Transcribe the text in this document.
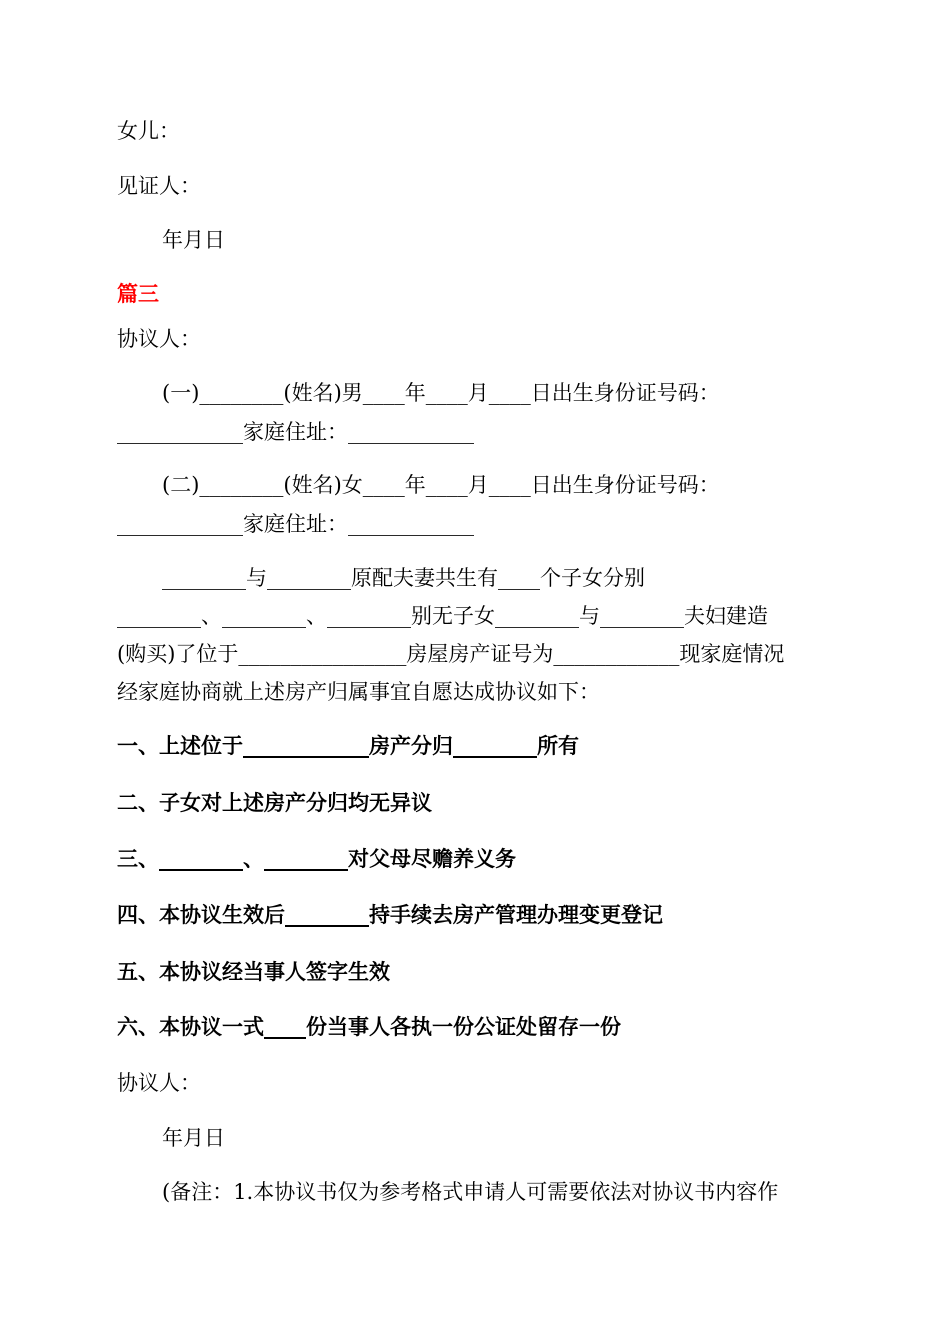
女儿：
见证人：
年月日
篇三
协议人：
(一)________(姓名)男____年____月____日出生身份证号码：
____________家庭住址：____________
(二)________(姓名)女____年____月____日出生身份证号码：
____________家庭住址：____________
________与________原配夫妻共生有____个子女分别
________、________、________别无子女________与________夫妇建造
(购买)了位于________________房屋房产证号为____________现家庭情况
经家庭协商就上述房产归属事宜自愿达成协议如下：
一、上述位于____________房产分归________所有
二、子女对上述房产分归均无异议
三、________、________对父母尽赡养义务
四、本协议生效后________持手续去房产管理办理变更登记
五、本协议经当事人签字生效
六、本协议一式____份当事人各执一份公证处留存一份
协议人：
年月日
(备注：1.本协议书仅为参考格式申请人可需要依法对协议书内容作
